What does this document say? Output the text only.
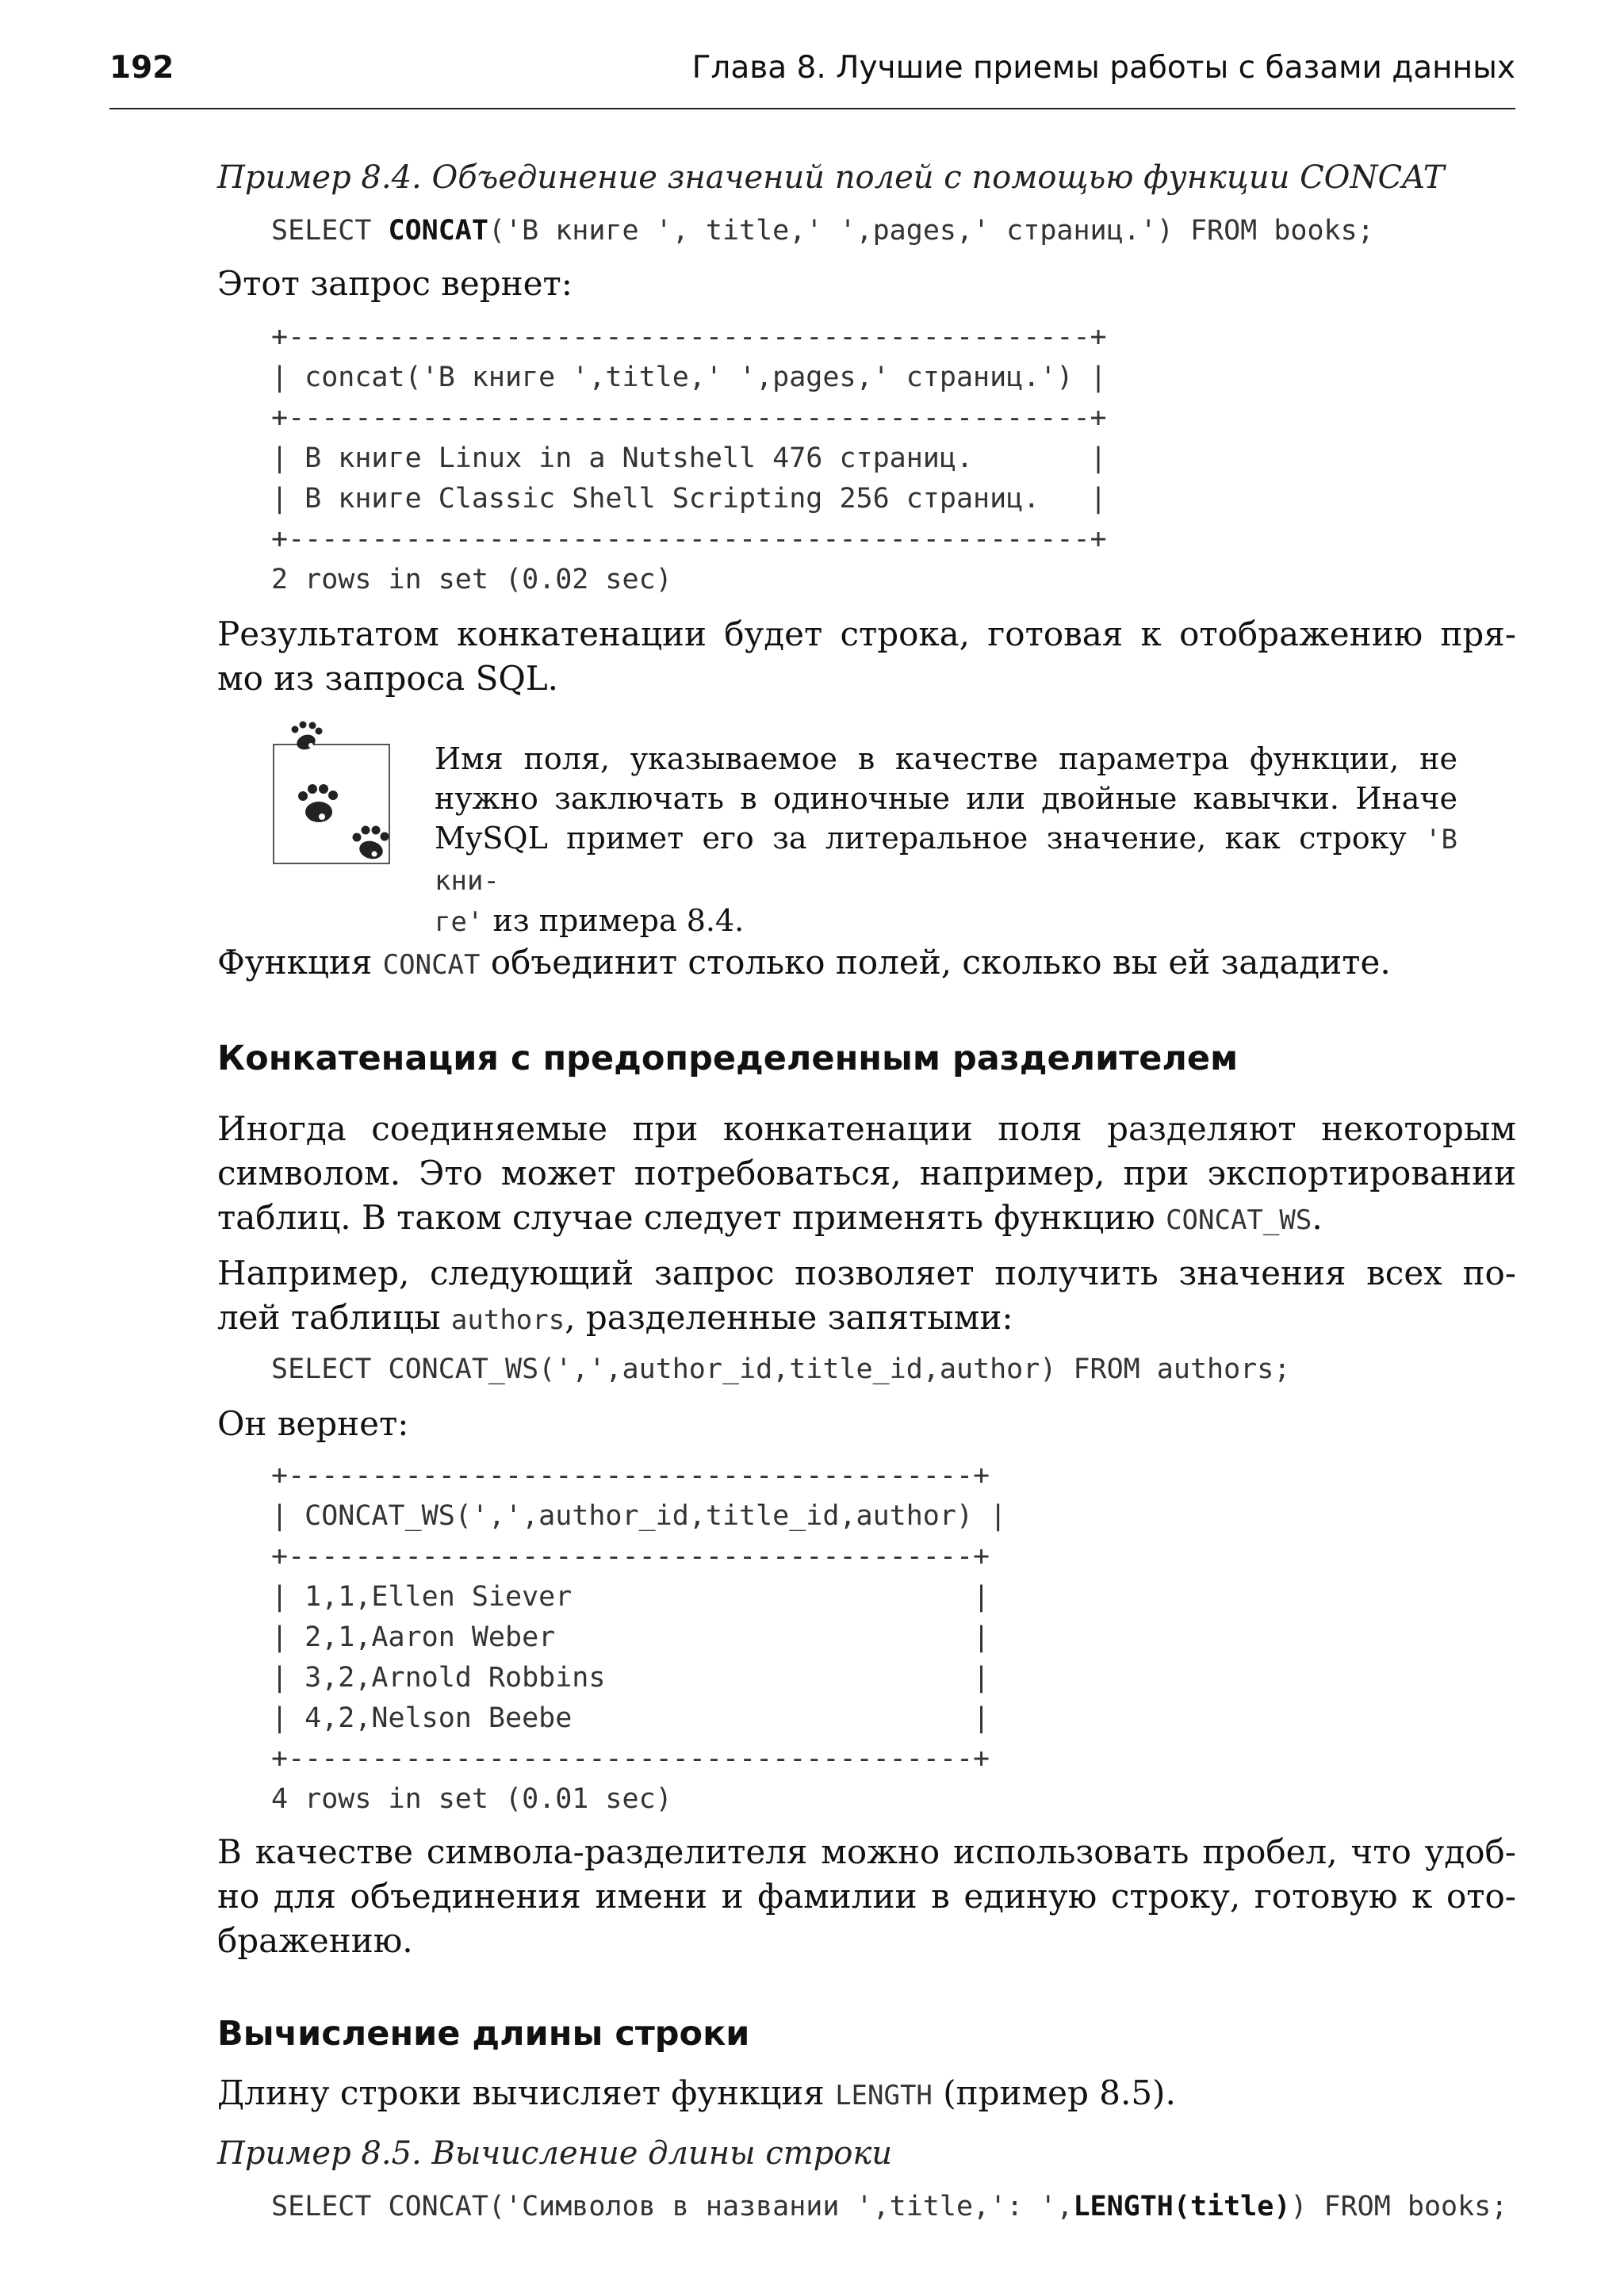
192	Глава 8. Лучшие приемы работы с базами данных
Пример 8.4. Объединение значений полей с помощью функции CONCAT
SELECT CONCAT('В книге ', title,' ',pages,' страниц.') FROM books;
Этот запрос вернет:
+------------------------------------------------+
| concat('В книге ',title,' ',pages,' страниц.') |
+------------------------------------------------+
| В книге Linux in a Nutshell 476 страниц.       |
| В книге Classic Shell Scripting 256 страниц.   |
+------------------------------------------------+
2 rows in set (0.02 sec)
Результатом конкатенации будет строка, готовая к отображению пря-
мо из запроса SQL.
Имя поля, указываемое в качестве параметра функции, не
нужно заключать в одиночные или двойные кавычки. Иначе
MySQL примет его за литеральное значение, как строку 'В кни-
ге' из примера 8.4.
Функция CONCAT объединит столько полей, сколько вы ей зададите.
Конкатенация с предопределенным разделителем
Иногда соединяемые при конкатенации поля разделяют некоторым
символом. Это может потребоваться, например, при экспортировании
таблиц. В таком случае следует применять функцию CONCAT_WS.
Например, следующий запрос позволяет получить значения всех по-
лей таблицы authors, разделенные запятыми:
SELECT CONCAT_WS(',',author_id,title_id,author) FROM authors;
Он вернет:
+-----------------------------------------+
| CONCAT_WS(',',author_id,title_id,author) |
+-----------------------------------------+
| 1,1,Ellen Siever                        |
| 2,1,Aaron Weber                         |
| 3,2,Arnold Robbins                      |
| 4,2,Nelson Beebe                        |
+-----------------------------------------+
4 rows in set (0.01 sec)
В качестве символа-разделителя можно использовать пробел, что удоб-
но для объединения имени и фамилии в единую строку, готовую к ото-
бражению.
Вычисление длины строки
Длину строки вычисляет функция LENGTH (пример 8.5).
Пример 8.5. Вычисление длины строки
SELECT CONCAT('Символов в названии ',title,': ',LENGTH(title)) FROM books;
